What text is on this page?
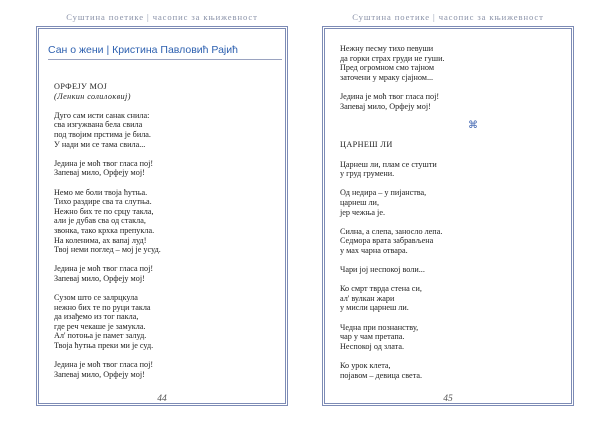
Суштина поетике | часопис за књижевност
Сан о жени | Кристина Павловић Рајић

ОРФЕЈУ МОЈ

(Ленкин солилоквиј)

Дуго сам исти санак снила:
сва изгужвана бела свила
под твојим прстима је била.
У нади ми се тама свила...
Једина је моћ твог гласа поj!
Запевај мило, Орфеју мој!
Немо ме боли твоја ћутња.
Тихо раздире сва та слутња.
Нежно бих те по срцу такла,
али је дубав сва од стакла,
звонка, тако крхка препукла.
На коленима, ах вапај луд!
Твој неми поглед – мој је усуд.
Једина је моћ твог гласа поj!
Запевај мило, Орфеју мој!
Сузом што се залрцкула
нежно бих те по руци такла
да изађемо из тог пакла,
где реч чекаше је замукла.
Ал' потоња је памет залуд.
Твоја ћутња преки ми је суд.
Једина је моћ твог гласа поj!
Запевај мило, Орфеју мој!
44
Суштина поетике | часопис за књижевност
Нежну песму тихо певуши
да горки страх груди не гуши.
Пред огромном смо тајном
заточени у мраку сјајном...
Једина је моћ твог гласа поj!
Запевај мило, Орфеју мој!
⌘

ЦАРНЕШ ЛИ

Царнеш ли, плам се стушти
у груд грумени.
Од недира – у пијанства,
царнеш ли,
јер чежња је.
Силна, а слепа, занослo лепа.
Седмора врата забрављена
у мах чарна отвара.
Чари јој неспокој воли...
Ко смрт тврда стена си,
ал' вулкан жари
у мисли царнеш ли.
Чедна при познанству,
чар у чам претапа.
Неспокој од злата.
Ко урок клета,
појавом – девица света.
45
